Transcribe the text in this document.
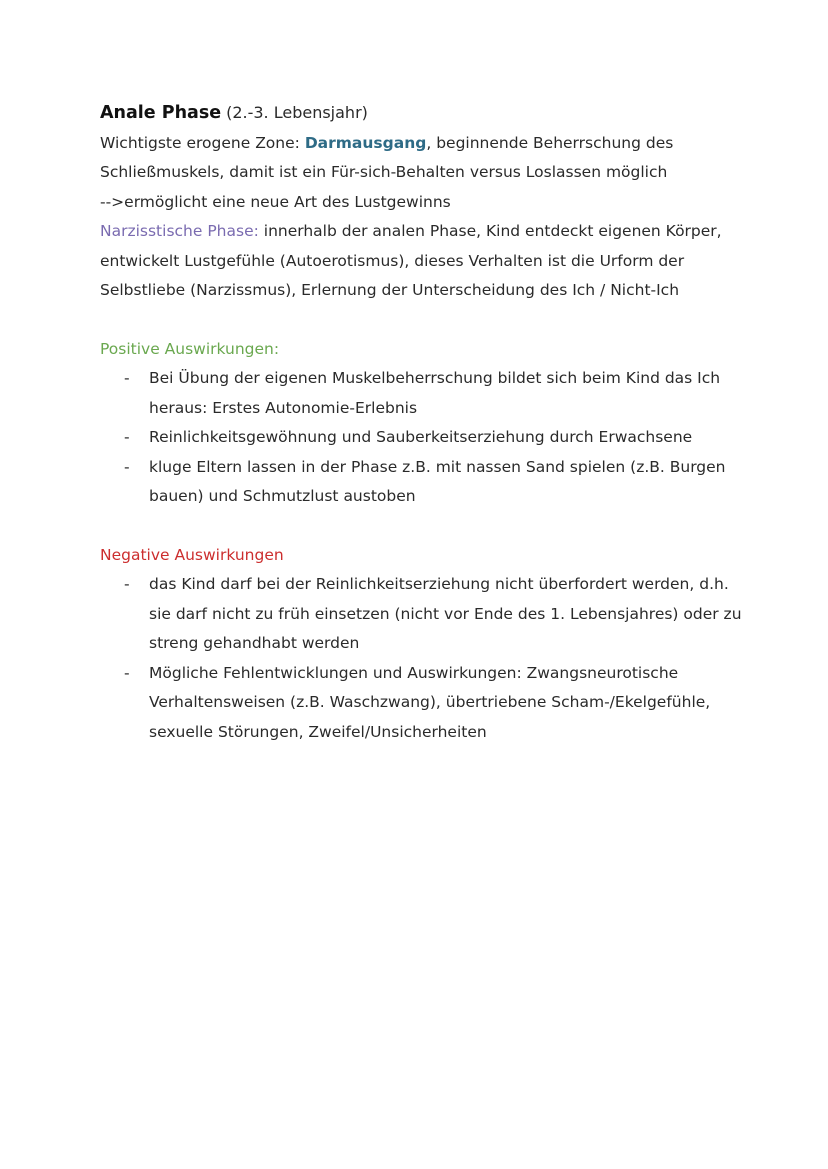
Anale Phase (2.-3. Lebensjahr)
Wichtigste erogene Zone: Darmausgang, beginnende Beherrschung des
Schließmuskels, damit ist ein Für-sich-Behalten versus Loslassen möglich
-->ermöglicht eine neue Art des Lustgewinns
Narzisstische Phase: innerhalb der analen Phase, Kind entdeckt eigenen Körper,
entwickelt Lustgefühle (Autoerotismus), dieses Verhalten ist die Urform der
Selbstliebe (Narzissmus), Erlernung der Unterscheidung des Ich / Nicht-Ich
Positive Auswirkungen:
- Bei Übung der eigenen Muskelbeherrschung bildet sich beim Kind das Ich
heraus: Erstes Autonomie-Erlebnis
- Reinlichkeitsgewöhnung und Sauberkeitserziehung durch Erwachsene
- kluge Eltern lassen in der Phase z.B. mit nassen Sand spielen (z.B. Burgen
bauen) und Schmutzlust austoben
Negative Auswirkungen
- das Kind darf bei der Reinlichkeitserziehung nicht überfordert werden, d.h.
sie darf nicht zu früh einsetzen (nicht vor Ende des 1. Lebensjahres) oder zu
streng gehandhabt werden
- Mögliche Fehlentwicklungen und Auswirkungen: Zwangsneurotische
Verhaltensweisen (z.B. Waschzwang), übertriebene Scham-/Ekelgefühle,
sexuelle Störungen, Zweifel/Unsicherheiten
